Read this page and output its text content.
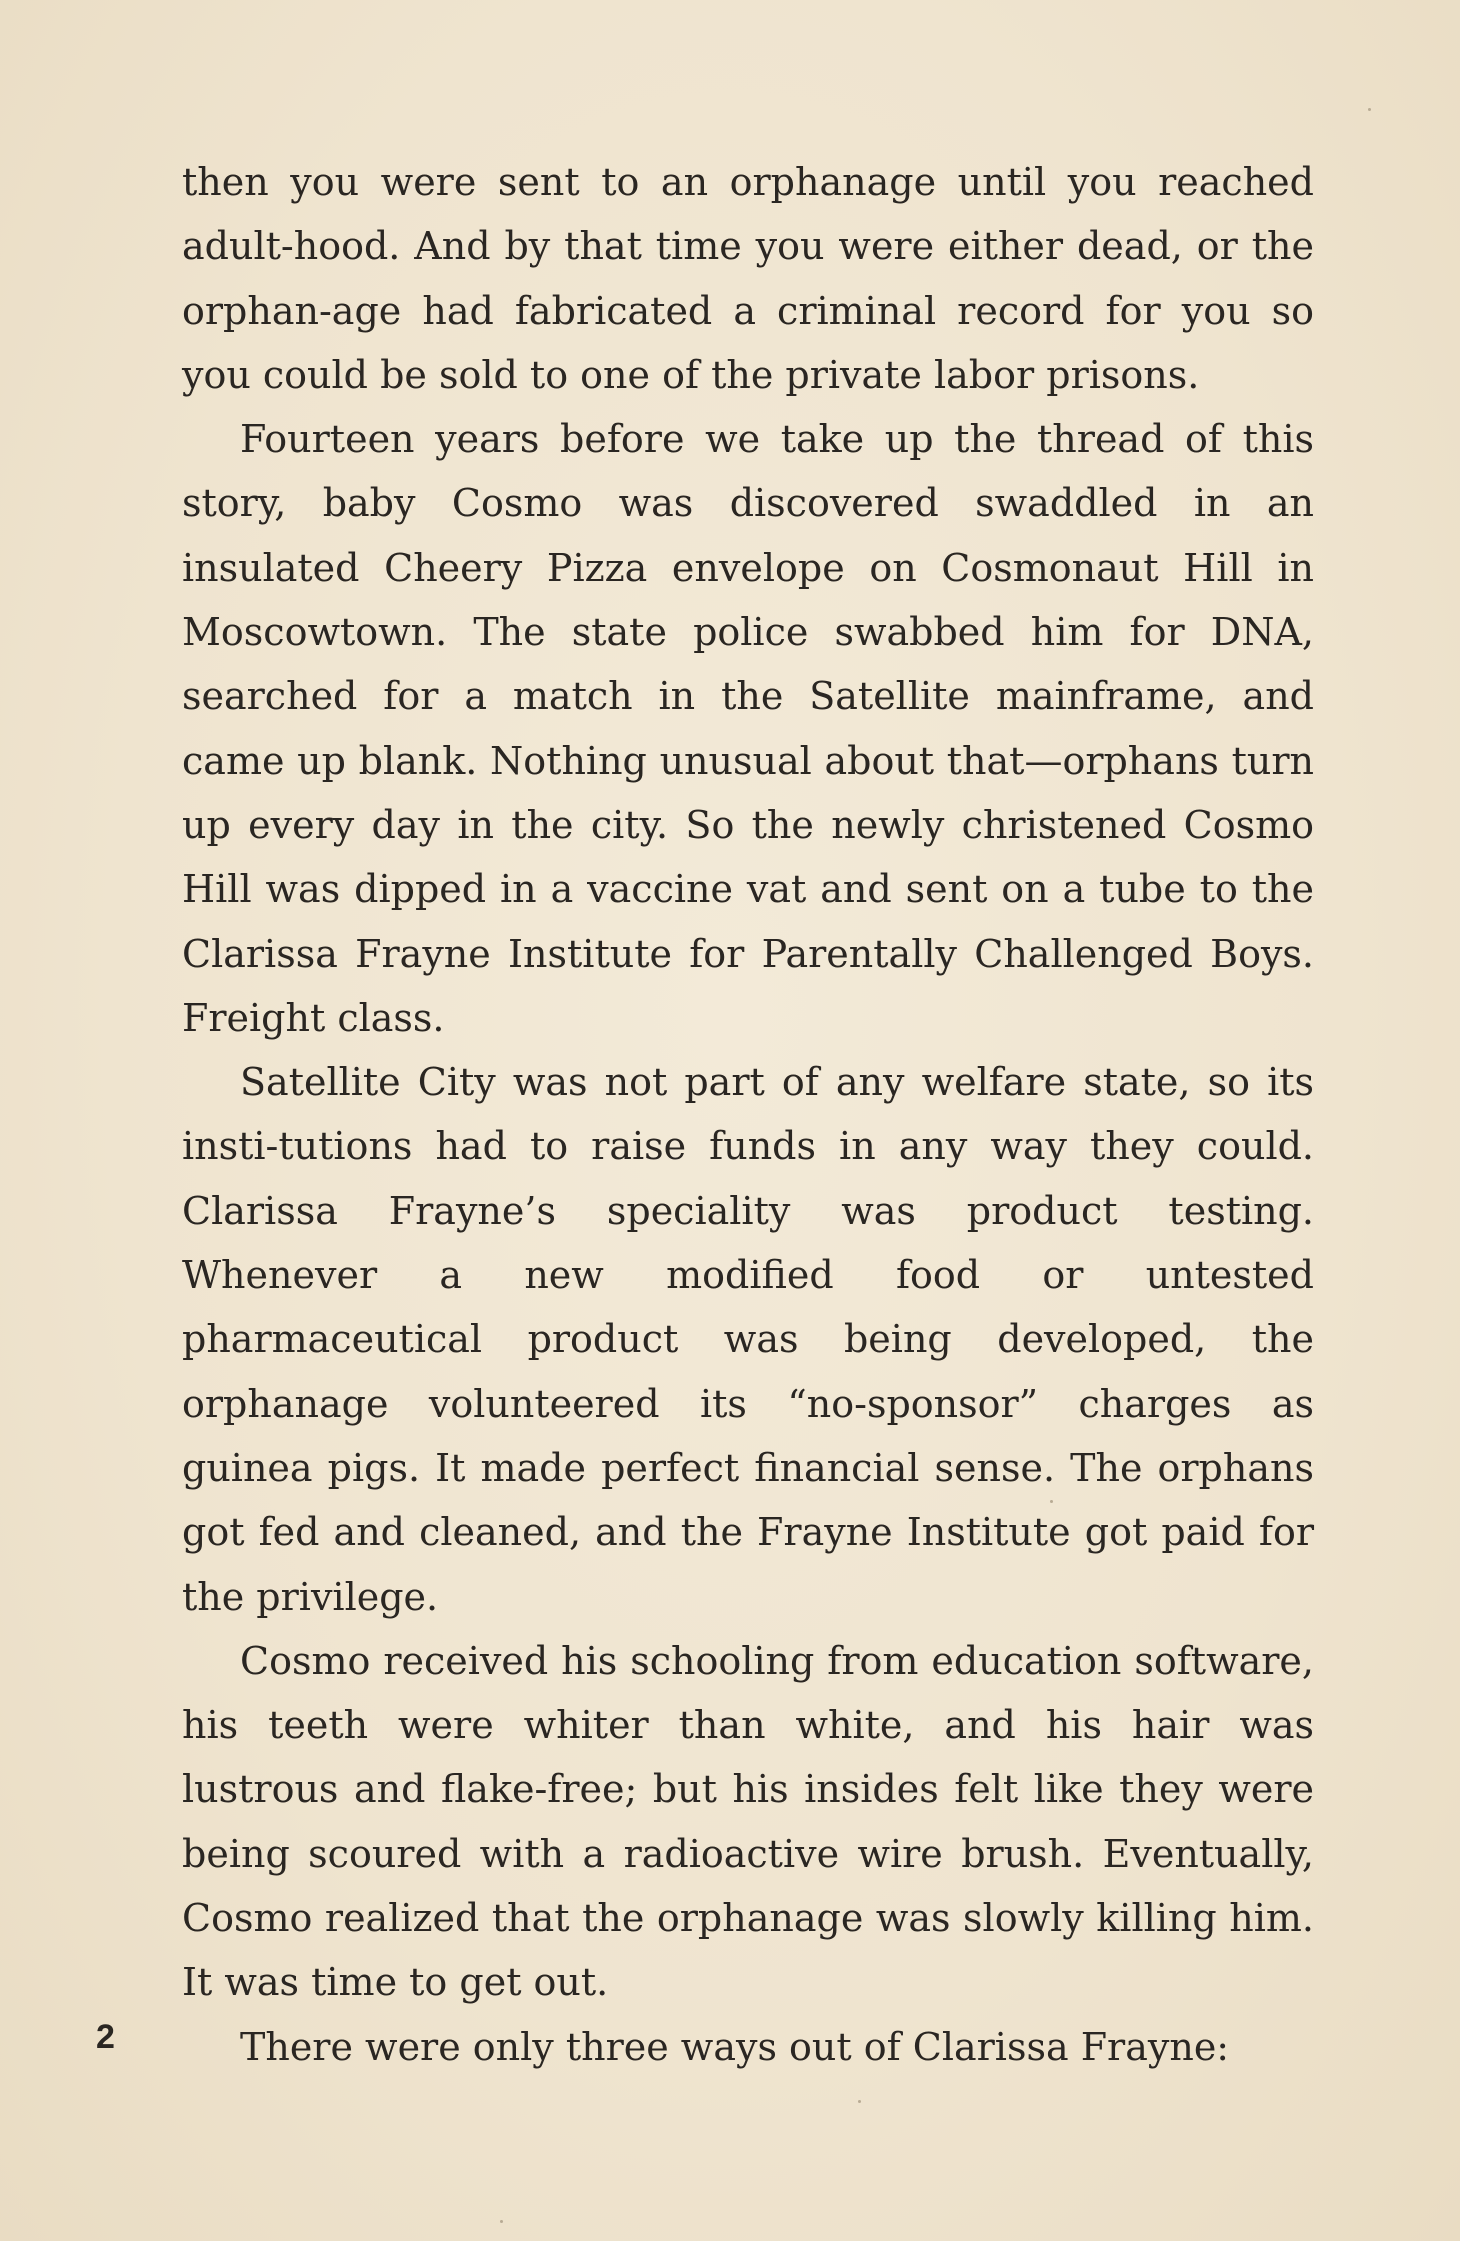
then you were sent to an orphanage until you reached adult-hood. And by that time you were either dead, or the orphan-age had fabricated a criminal record for you so you could be sold to one of the private labor prisons.

Fourteen years before we take up the thread of this story, baby Cosmo was discovered swaddled in an insulated Cheery Pizza envelope on Cosmonaut Hill in Moscowtown. The state police swabbed him for DNA, searched for a match in the Satellite mainframe, and came up blank. Nothing unusual about that—orphans turn up every day in the city. So the newly christened Cosmo Hill was dipped in a vaccine vat and sent on a tube to the Clarissa Frayne Institute for Parentally Challenged Boys. Freight class.

Satellite City was not part of any welfare state, so its insti-tutions had to raise funds in any way they could. Clarissa Frayne’s speciality was product testing. Whenever a new modified food or untested pharmaceutical product was being developed, the orphanage volunteered its “no-sponsor” charges as guinea pigs. It made perfect financial sense. The orphans got fed and cleaned, and the Frayne Institute got paid for the privilege.

Cosmo received his schooling from education software, his teeth were whiter than white, and his hair was lustrous and flake-free; but his insides felt like they were being scoured with a radioactive wire brush. Eventually, Cosmo realized that the orphanage was slowly killing him. It was time to get out.

There were only three ways out of Clarissa Frayne:

2
